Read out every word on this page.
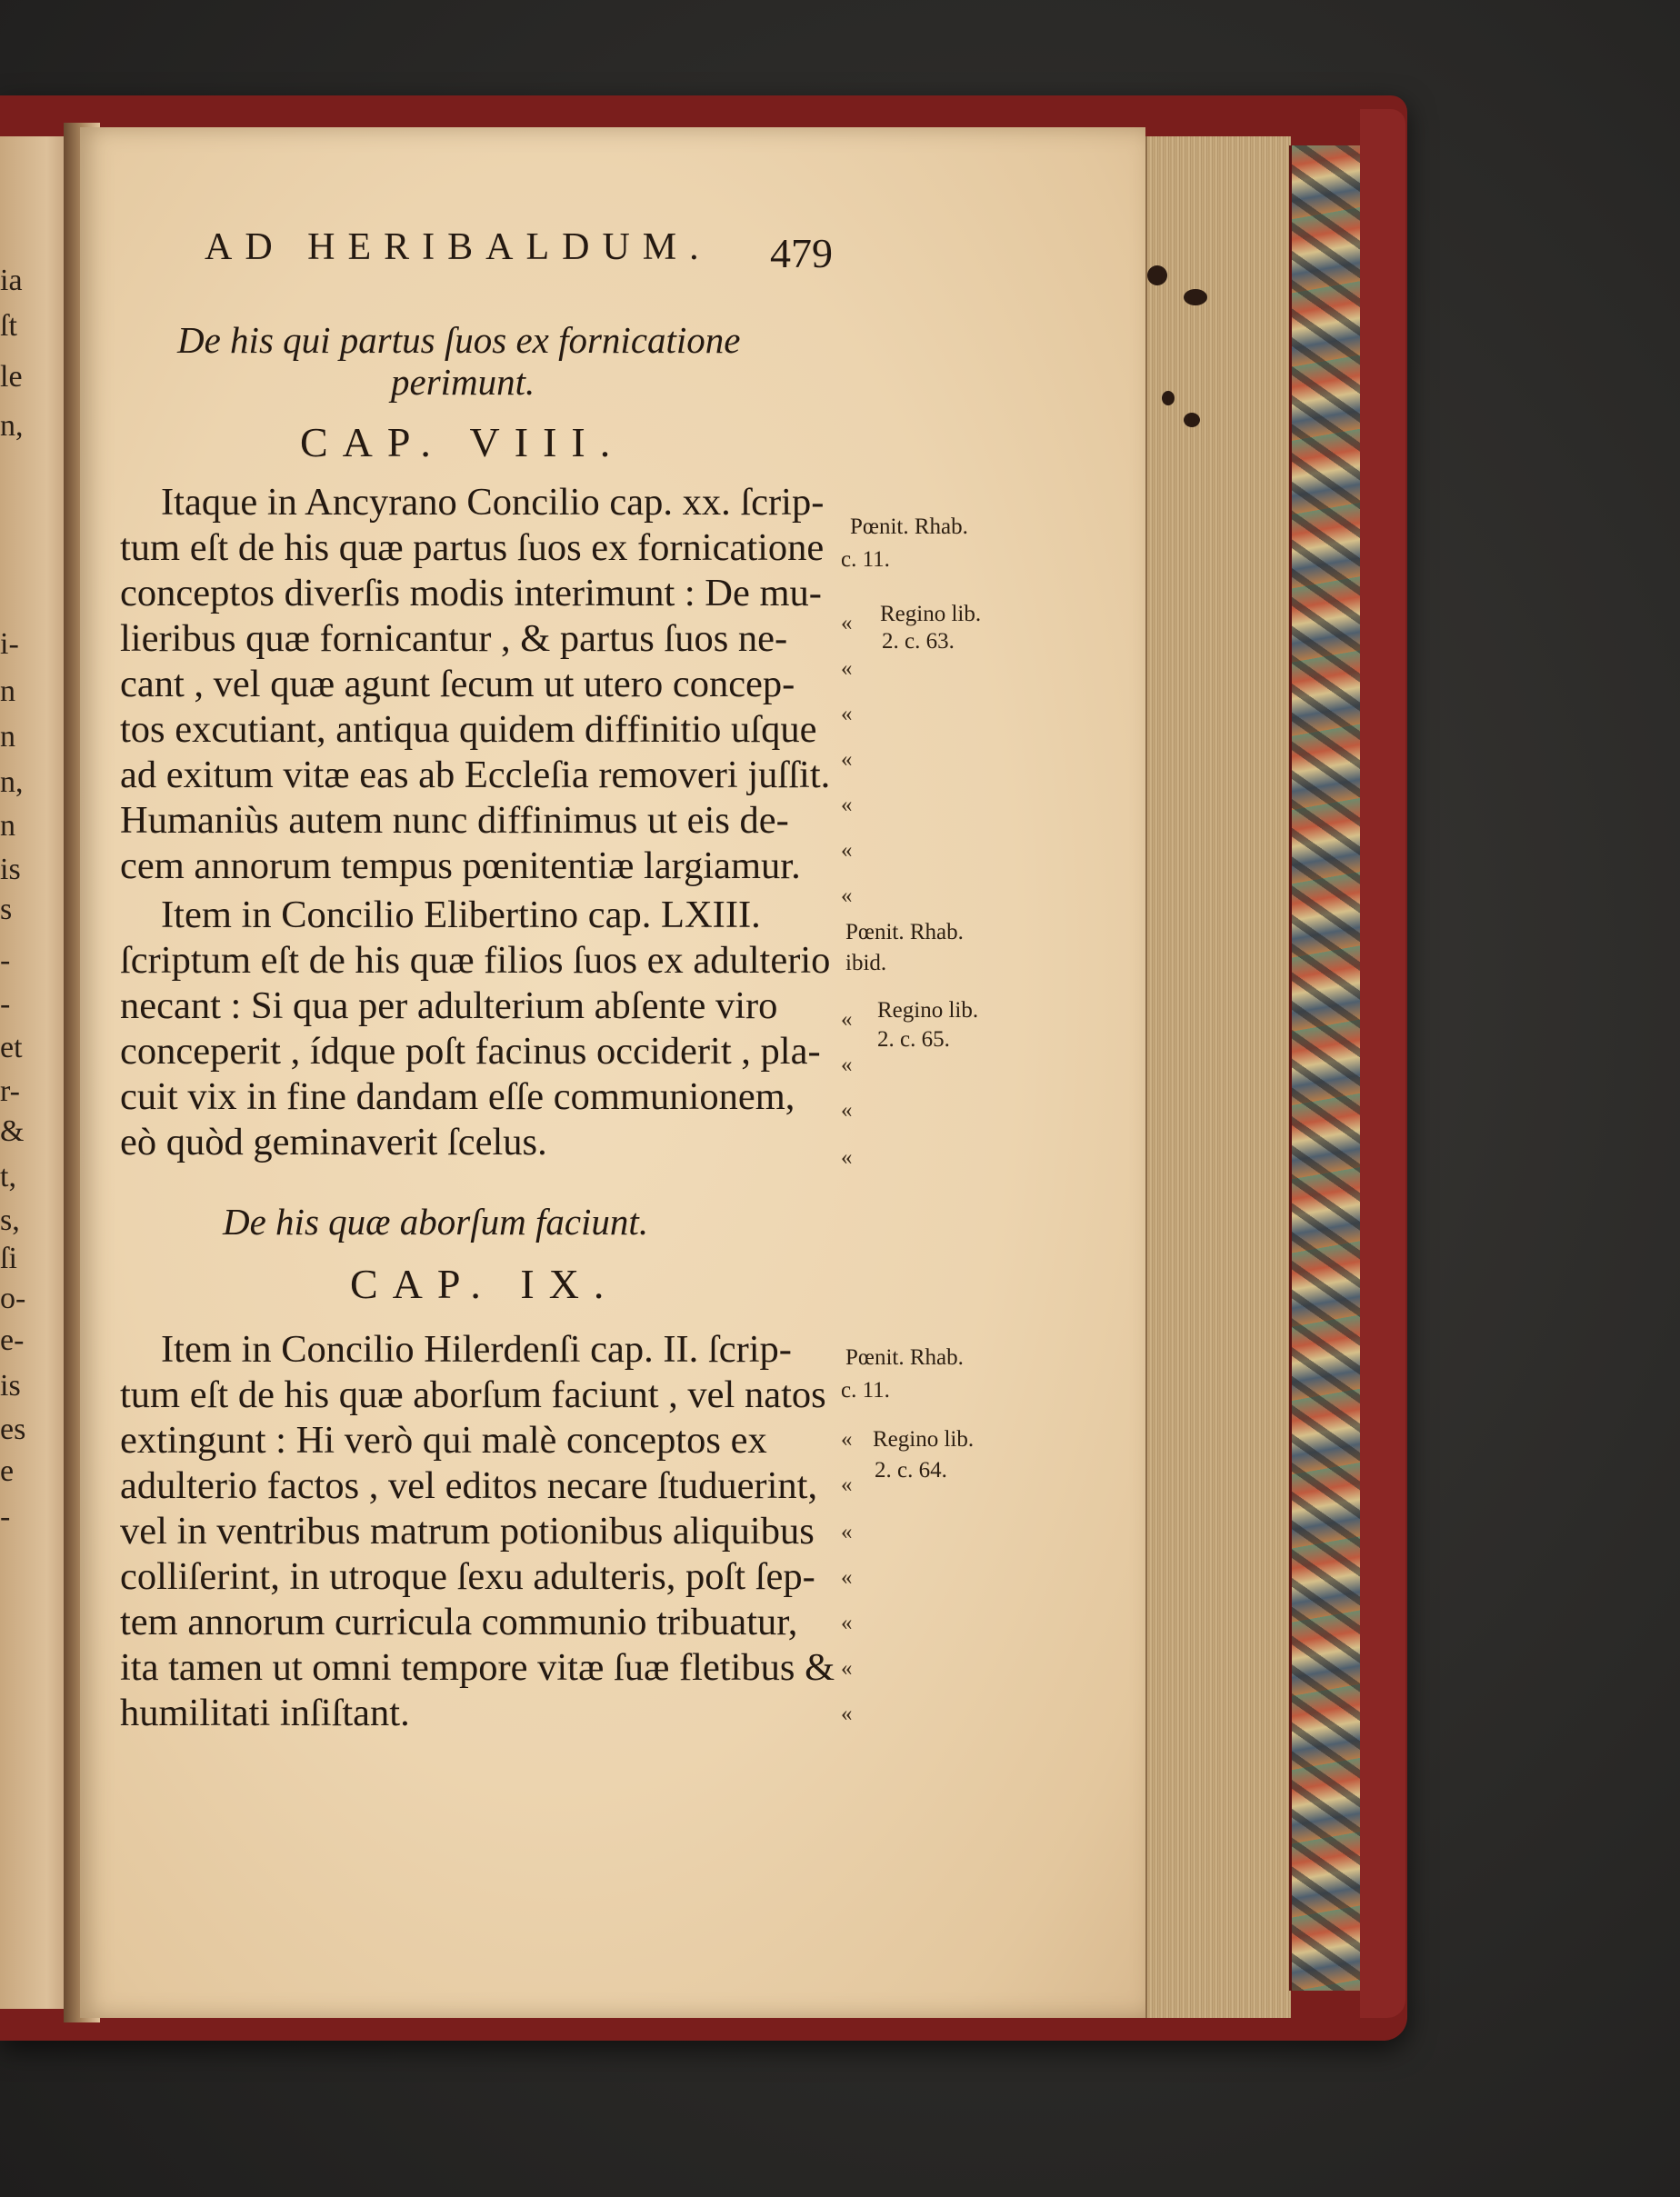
ia
ſt
le
n,
i-
n
n
n,
n
is
s
-
-
et
r-
&
t,
s,
ſi
o-
e-
is
es
e
-
AD HERIBALDUM. 479
De his qui partus ſuos ex fornicatione
perimunt.
CAP. VIII.
Itaque in Ancyrano Concilio cap. xx. ſcrip-
tum eſt de his quæ partus ſuos ex fornicatione
conceptos diverſis modis interimunt : De mu-
lieribus quæ fornicantur , & partus ſuos ne-
cant , vel quæ agunt ſecum ut utero concep-
tos excutiant, antiqua quidem diffinitio uſque
ad exitum vitæ eas ab Eccleſia removeri juſſit.
Humaniùs autem nunc diffinimus ut eis de-
cem annorum tempus pœnitentiæ largiamur.
Item in Concilio Elibertino cap. LXIII.
ſcriptum eſt de his quæ filios ſuos ex adulterio
necant : Si qua per adulterium abſente viro
conceperit , ídque poſt facinus occiderit , pla-
cuit vix in fine dandam eſſe communionem,
eò quòd geminaverit ſcelus.
«
«
«
«
«
«
«
«
«
«
«
Pœnit. Rhab.
c. 11.
Regino lib.
2. c. 63.
Pœnit. Rhab.
ibid.
Regino lib.
2. c. 65.
De his quæ aborſum faciunt.
CAP. IX.
Item in Concilio Hilerdenſi cap. II. ſcrip-
tum eſt de his quæ aborſum faciunt , vel natos
extingunt : Hi verò qui malè conceptos ex
adulterio factos , vel editos necare ſtuduerint,
vel in ventribus matrum potionibus aliquibus
colliſerint, in utroque ſexu adulteris, poſt ſep-
tem annorum curricula communio tribuatur,
ita tamen ut omni tempore vitæ ſuæ fletibus &
humilitati inſiſtant.
«
«
«
«
«
«
«
Pœnit. Rhab.
c. 11.
Regino lib.
2. c. 64.
